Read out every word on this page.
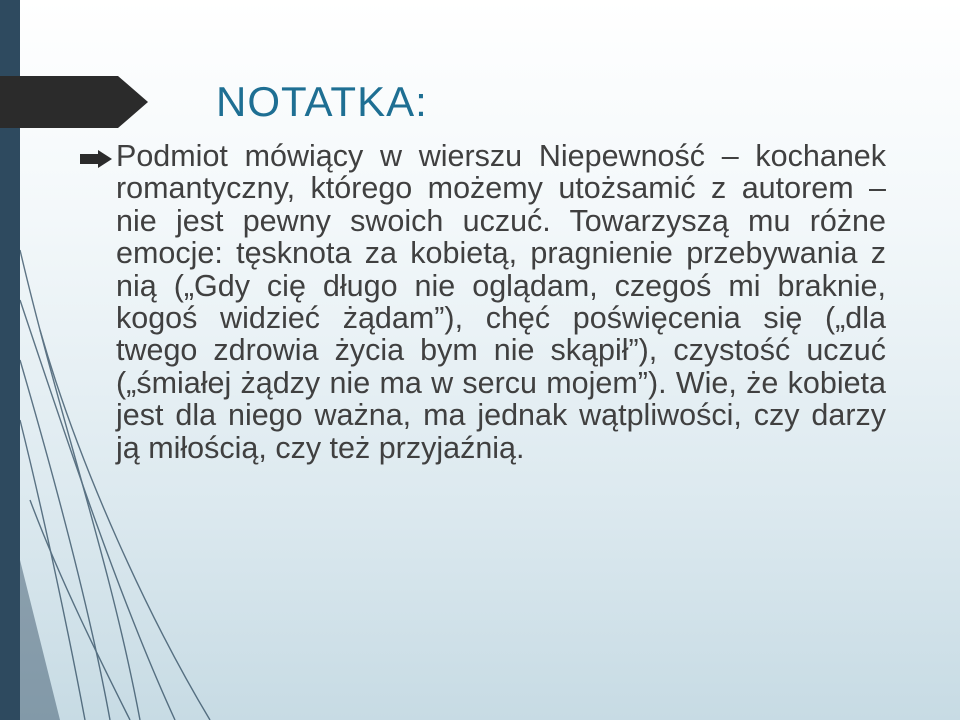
NOTATKA:

Podmiot mówiący w wierszu Niepewność – kochanek romantyczny, którego możemy utożsamić z autorem – nie jest pewny swoich uczuć. Towarzyszą mu różne emocje: tęsknota za kobietą, pragnienie przebywania z nią („Gdy cię długo nie oglądam, czegoś mi braknie, kogoś widzieć żądam”), chęć poświęcenia się („dla twego zdrowia życia bym nie skąpił”), czystość uczuć („śmiałej żądzy nie ma w sercu mojem”). Wie, że kobieta jest dla niego ważna, ma jednak wątpliwości, czy darzy ją miłością, czy też przyjaźnią.
